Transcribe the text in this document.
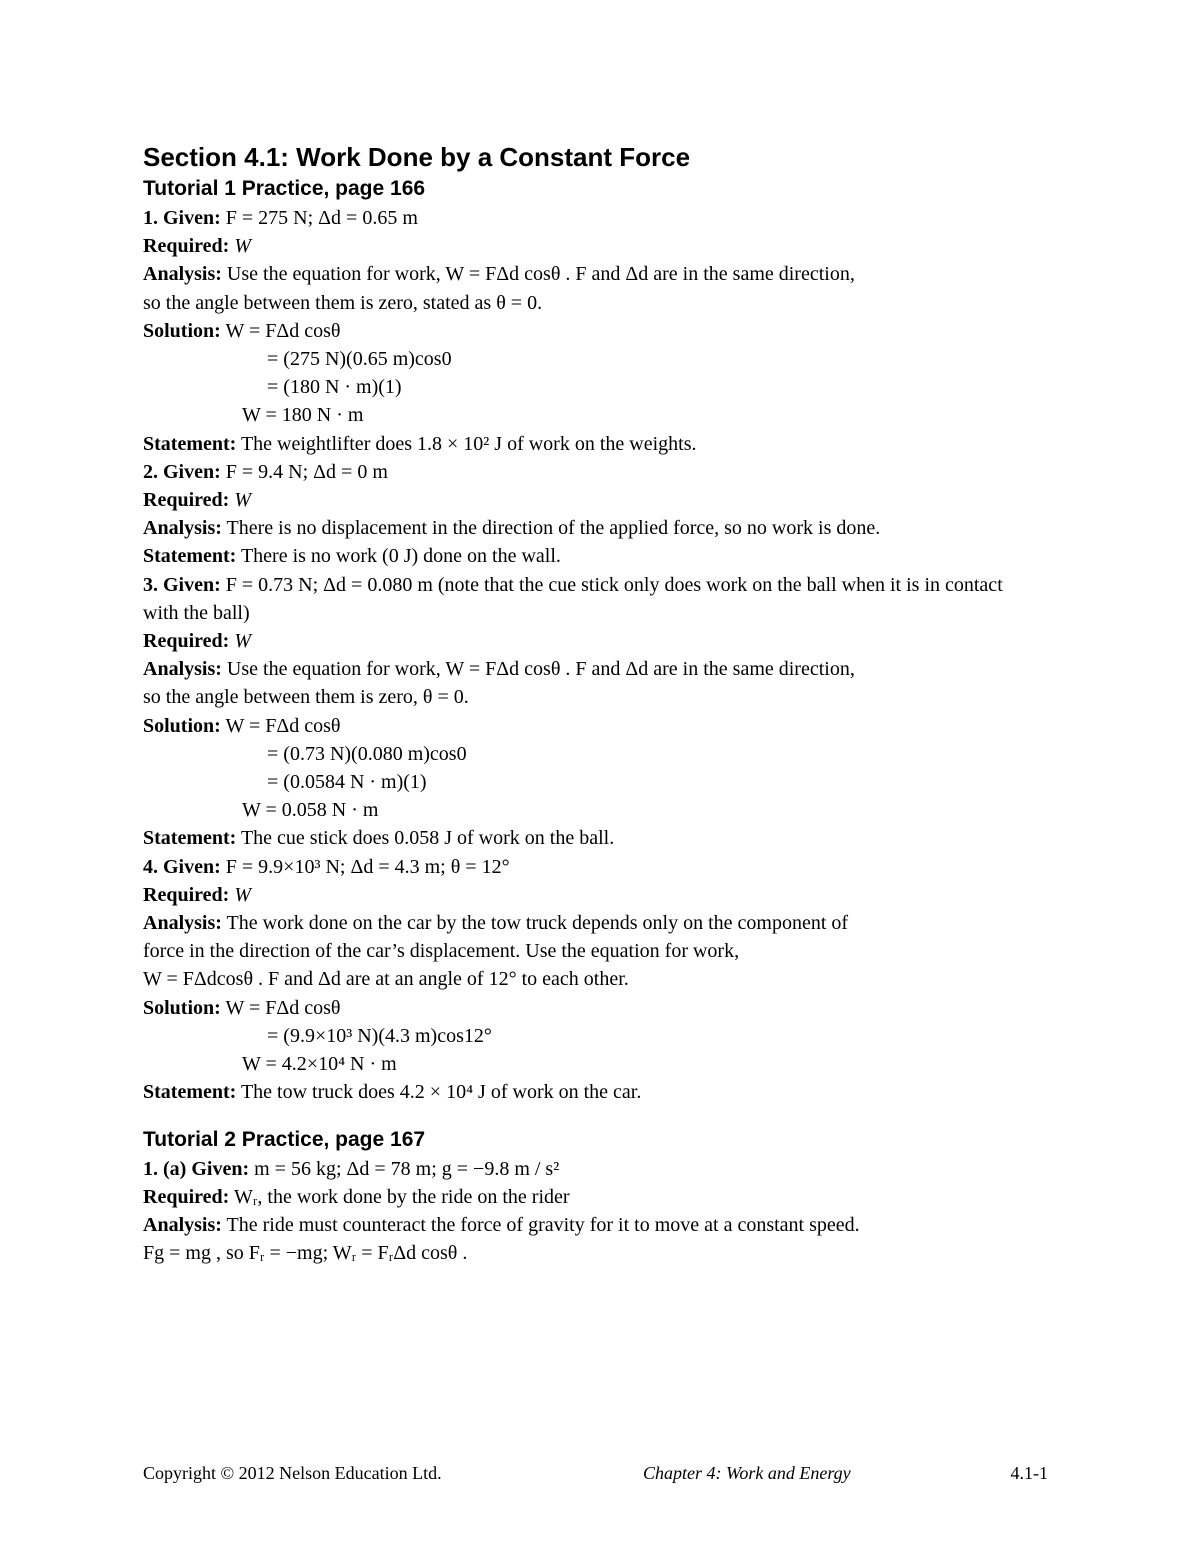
Section 4.1: Work Done by a Constant Force
Tutorial 1 Practice, page 166
1. Given: F = 275 N; Δd = 0.65 m
Required: W
Analysis: Use the equation for work, W = FΔd cosθ . F and Δd are in the same direction,
so the angle between them is zero, stated as θ = 0.
Solution: W = FΔd cosθ
= (275 N)(0.65 m)cos0
= (180 N · m)(1)
W = 180 N · m
Statement: The weightlifter does 1.8 × 10² J of work on the weights.
2. Given: F = 9.4 N; Δd = 0 m
Required: W
Analysis: There is no displacement in the direction of the applied force, so no work is done.
Statement: There is no work (0 J) done on the wall.
3. Given: F = 0.73 N; Δd = 0.080 m (note that the cue stick only does work on the ball when it is in contact with the ball)
Required: W
Analysis: Use the equation for work, W = FΔd cosθ . F and Δd are in the same direction,
so the angle between them is zero, θ = 0.
Solution: W = FΔd cosθ
= (0.73 N)(0.080 m)cos0
= (0.0584 N · m)(1)
W = 0.058 N · m
Statement: The cue stick does 0.058 J of work on the ball.
4. Given: F = 9.9×10³ N; Δd = 4.3 m; θ = 12°
Required: W
Analysis: The work done on the car by the tow truck depends only on the component of
force in the direction of the car’s displacement. Use the equation for work,
W = FΔdcosθ . F and Δd are at an angle of 12° to each other.
Solution: W = FΔd cosθ
= (9.9×10³ N)(4.3 m)cos12°
W = 4.2×10⁴ N · m
Statement: The tow truck does 4.2 × 10⁴ J of work on the car.
Tutorial 2 Practice, page 167
1. (a) Given: m = 56 kg; Δd = 78 m; g = −9.8 m / s²
Required: Wᵣ, the work done by the ride on the rider
Analysis: The ride must counteract the force of gravity for it to move at a constant speed.
Fg = mg , so Fᵣ = −mg; Wᵣ = FᵣΔd cosθ .
Copyright © 2012 Nelson Education Ltd.	Chapter 4: Work and Energy	4.1-1
